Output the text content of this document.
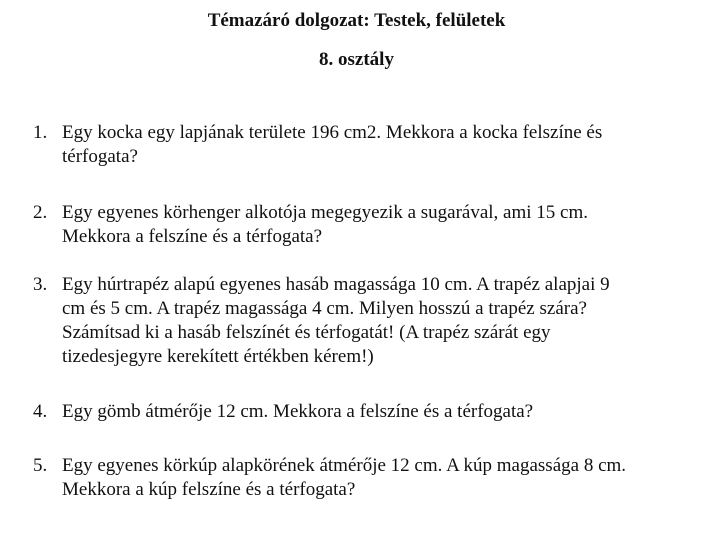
Témazáró dolgozat: Testek, felületek
8. osztály
1. Egy kocka egy lapjának területe 196 cm2. Mekkora a kocka felszíne és
térfogata?
2. Egy egyenes körhenger alkotója megegyezik a sugarával, ami 15 cm.
Mekkora a felszíne és a térfogata?
3. Egy húrtrapéz alapú egyenes hasáb magassága 10 cm. A trapéz alapjai 9
cm és 5 cm. A trapéz magassága 4 cm. Milyen hosszú a trapéz szára?
Számítsad ki a hasáb felszínét és térfogatát! (A trapéz szárát egy
tizedesjegyre kerekített értékben kérem!)
4. Egy gömb átmérője 12 cm. Mekkora a felszíne és a térfogata?
5. Egy egyenes körkúp alapkörének átmérője 12 cm. A kúp magassága 8 cm.
Mekkora a kúp felszíne és a térfogata?
